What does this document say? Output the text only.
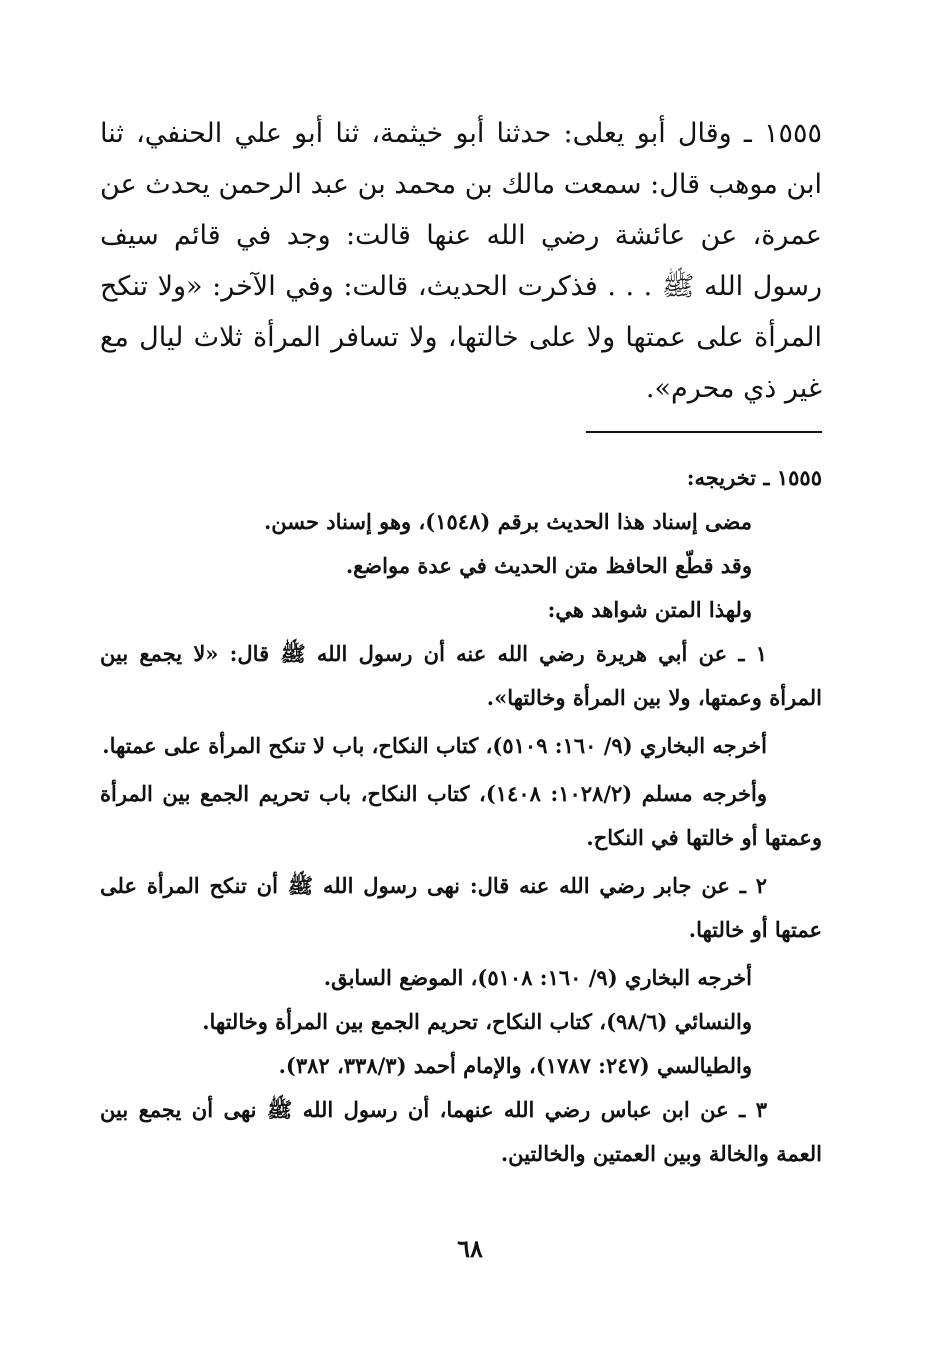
١٥٥٥ ـ وقال أبو يعلى: حدثنا أبو خيثمة، ثنا أبو علي الحنفي، ثنا ابن موهب قال: سمعت مالك بن محمد بن عبد الرحمن يحدث عن عمرة، عن عائشة رضي الله عنها قالت: وجد في قائم سيف رسول الله ﷺ . . . فذكرت الحديث، قالت: وفي الآخر: «ولا تنكح المرأة على عمتها ولا على خالتها، ولا تسافر المرأة ثلاث ليال مع غير ذي محرم».

١٥٥٥ ـ تخريجه:

مضى إسناد هذا الحديث برقم (١٥٤٨)، وهو إسناد حسن.

وقد قطّع الحافظ متن الحديث في عدة مواضع.

ولهذا المتن شواهد هي:

١ ـ عن أبي هريرة رضي الله عنه أن رسول الله ﷺ قال: «لا يجمع بين المرأة وعمتها، ولا بين المرأة وخالتها».

أخرجه البخاري (٩/ ١٦٠: ٥١٠٩)، كتاب النكاح، باب لا تنكح المرأة على عمتها.

وأخرجه مسلم (١٠٢٨/٢: ١٤٠٨)، كتاب النكاح، باب تحريم الجمع بين المرأة وعمتها أو خالتها في النكاح.

٢ ـ عن جابر رضي الله عنه قال: نهى رسول الله ﷺ أن تنكح المرأة على عمتها أو خالتها.

أخرجه البخاري (٩/ ١٦٠: ٥١٠٨)، الموضع السابق.

والنسائي (٩٨/٦)، كتاب النكاح، تحريم الجمع بين المرأة وخالتها.

والطيالسي (٢٤٧: ١٧٨٧)، والإمام أحمد (٣٣٨/٣، ٣٨٢).

٣ ـ عن ابن عباس رضي الله عنهما، أن رسول الله ﷺ نهى أن يجمع بين العمة والخالة وبين العمتين والخالتين.

٦٨
